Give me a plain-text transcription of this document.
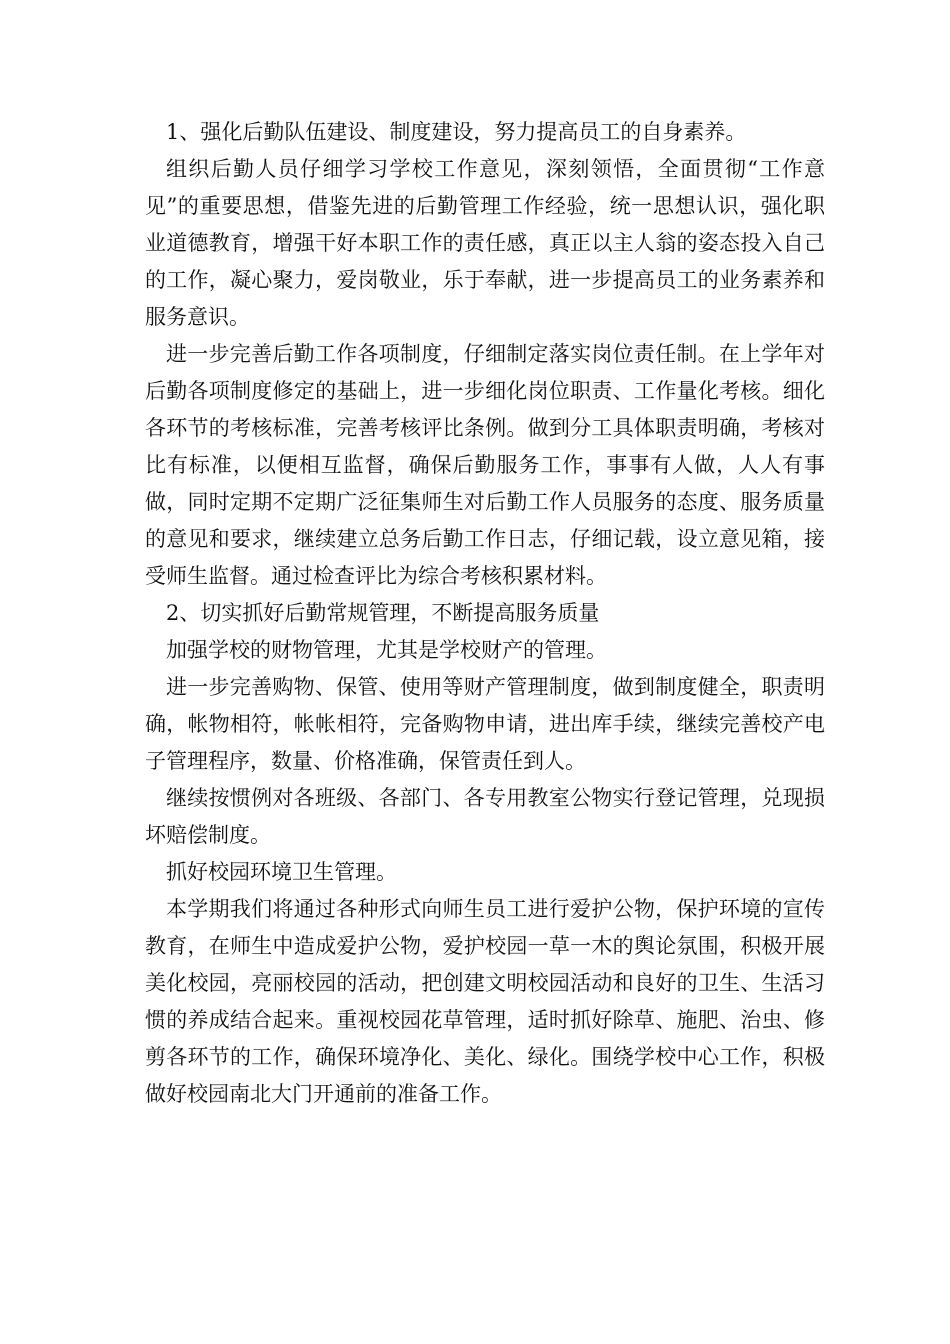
1、强化后勤队伍建设、制度建设，努力提高员工的自身素养。

组织后勤人员仔细学习学校工作意见，深刻领悟，全面贯彻“工作意见”的重要思想，借鉴先进的后勤管理工作经验，统一思想认识，强化职业道德教育，增强干好本职工作的责任感，真正以主人翁的姿态投入自己的工作，凝心聚力，爱岗敬业，乐于奉献，进一步提高员工的业务素养和服务意识。

进一步完善后勤工作各项制度，仔细制定落实岗位责任制。在上学年对后勤各项制度修定的基础上，进一步细化岗位职责、工作量化考核。细化各环节的考核标准，完善考核评比条例。做到分工具体职责明确，考核对比有标准，以便相互监督，确保后勤服务工作，事事有人做，人人有事做，同时定期不定期广泛征集师生对后勤工作人员服务的态度、服务质量的意见和要求，继续建立总务后勤工作日志，仔细记载，设立意见箱，接受师生监督。通过检查评比为综合考核积累材料。

2、切实抓好后勤常规管理，不断提高服务质量

加强学校的财物管理，尤其是学校财产的管理。

进一步完善购物、保管、使用等财产管理制度，做到制度健全，职责明确，帐物相符，帐帐相符，完备购物申请，进出库手续，继续完善校产电子管理程序，数量、价格准确，保管责任到人。

继续按惯例对各班级、各部门、各专用教室公物实行登记管理，兑现损坏赔偿制度。

抓好校园环境卫生管理。

本学期我们将通过各种形式向师生员工进行爱护公物，保护环境的宣传教育，在师生中造成爱护公物，爱护校园一草一木的舆论氛围，积极开展美化校园，亮丽校园的活动，把创建文明校园活动和良好的卫生、生活习惯的养成结合起来。重视校园花草管理，适时抓好除草、施肥、治虫、修剪各环节的工作，确保环境净化、美化、绿化。围绕学校中心工作，积极做好校园南北大门开通前的准备工作。
